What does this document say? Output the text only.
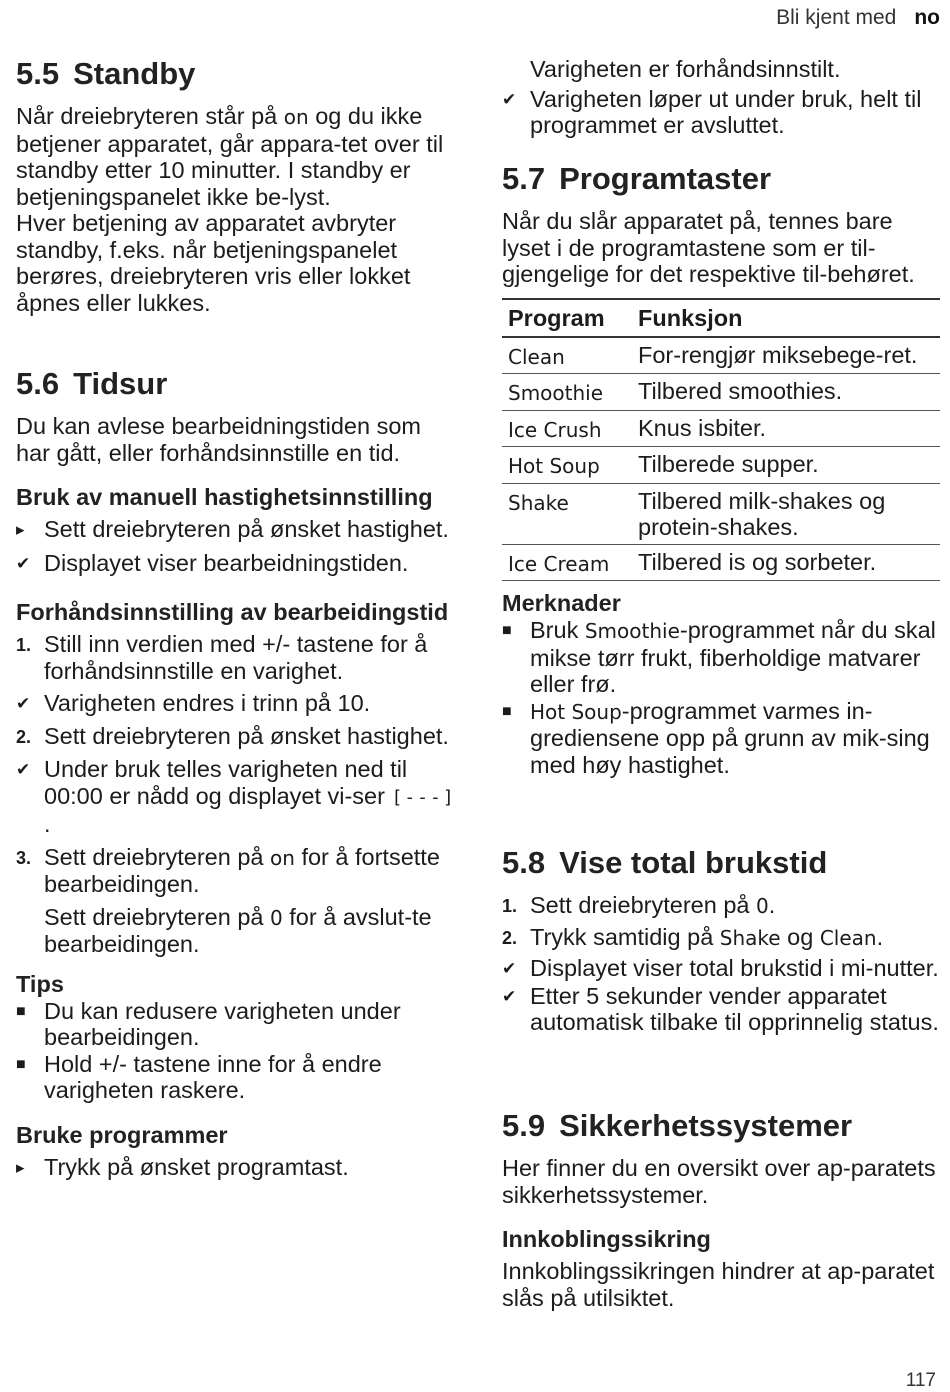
Bli kjent med no
5.5 Standby

Når dreiebryteren står på on og du ikke betjener apparatet, går appara-tet over til standby etter 10 minutter. I standby er betjeningspanelet ikke be-lyst.

Hver betjening av apparatet avbryter standby, f.eks. når betjeningspanelet berøres, dreiebryteren vris eller lokket åpnes eller lukkes.

5.6 Tidsur

Du kan avlese bearbeidningstiden som har gått, eller forhåndsinnstille en tid.

Bruk av manuell hastighetsinnstilling
▸ Sett dreiebryteren på ønsket hastighet.
✔ Displayet viser bearbeidningstiden.
Forhåndsinnstilling av bearbeidingstid
1. Still inn verdien med +/- tastene for å forhåndsinnstille en varighet.
✔ Varigheten endres i trinn på 10.
2. Sett dreiebryteren på ønsket hastighet.
✔ Under bruk telles varigheten ned til 00:00 er nådd og displayet vi-ser [---].
3. Sett dreiebryteren på on for å fortsette bearbeidingen.
Sett dreiebryteren på 0 for å avslut-te bearbeidingen.
Tips
■ Du kan redusere varigheten under bearbeidingen.
■ Hold +/- tastene inne for å endre varigheten raskere.
Bruke programmer
▸ Trykk på ønsket programtast.
Varigheten er forhåndsinnstilt.
✔ Varigheten løper ut under bruk, helt til programmet er avsluttet.
5.7 Programtaster

Når du slår apparatet på, tennes bare lyset i de programtastene som er til-gjengelige for det respektive til-behøret.

Program	Funksjon
Clean	For-rengjør miksebege-ret.
Smoothie	Tilbered smoothies.
Ice Crush	Knus isbiter.
Hot Soup	Tilberede supper.
Shake	Tilbered milk-shakes og protein-shakes.
Ice Cream	Tilbered is og sorbeter.
Merknader
■ Bruk Smoothie-programmet når du skal mikse tørr frukt, fiberholdige matvarer eller frø.
■ Hot Soup-programmet varmes in-grediensene opp på grunn av mik-sing med høy hastighet.
5.8 Vise total brukstid
1. Sett dreiebryteren på 0.
2. Trykk samtidig på Shake og Clean.
✔ Displayet viser total brukstid i mi-nutter.
✔ Etter 5 sekunder vender apparatet automatisk tilbake til opprinnelig status.
5.9 Sikkerhetssystemer

Her finner du en oversikt over ap-paratets sikkerhetssystemer.

Innkoblingssikring

Innkoblingssikringen hindrer at ap-paratet slås på utilsiktet.

117
